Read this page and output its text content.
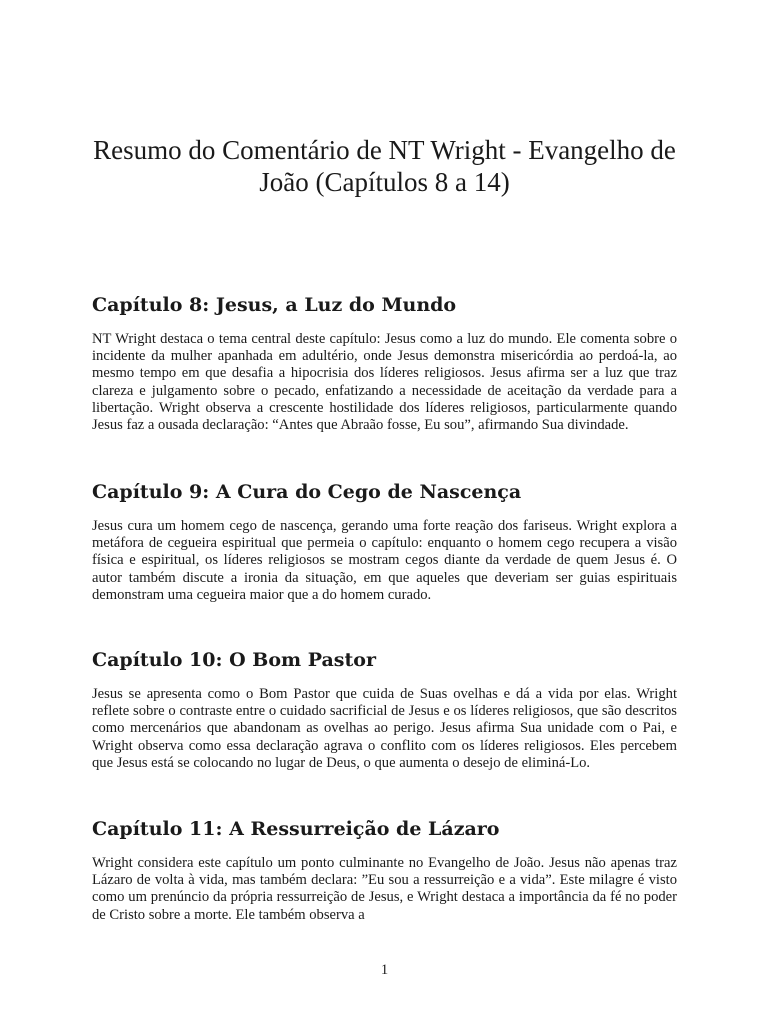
Resumo do Comentário de NT Wright - Evangelho de João (Capítulos 8 a 14)
Capítulo 8: Jesus, a Luz do Mundo

NT Wright destaca o tema central deste capítulo: Jesus como a luz do mundo. Ele comenta sobre o incidente da mulher apanhada em adultério, onde Jesus demonstra misericórdia ao perdoá-la, ao mesmo tempo em que desafia a hipocrisia dos líderes religiosos. Jesus afirma ser a luz que traz clareza e julgamento sobre o pecado, enfatizando a necessidade de aceitação da verdade para a libertação. Wright observa a crescente hostilidade dos líderes religiosos, particularmente quando Jesus faz a ousada declaração: “Antes que Abraão fosse, Eu sou”, afirmando Sua divindade.

Capítulo 9: A Cura do Cego de Nascença

Jesus cura um homem cego de nascença, gerando uma forte reação dos fariseus. Wright explora a metáfora de cegueira espiritual que permeia o capítulo: enquanto o homem cego recupera a visão física e espiritual, os líderes religiosos se mostram cegos diante da verdade de quem Jesus é. O autor também discute a ironia da situação, em que aqueles que deveriam ser guias espirituais demonstram uma cegueira maior que a do homem curado.

Capítulo 10: O Bom Pastor

Jesus se apresenta como o Bom Pastor que cuida de Suas ovelhas e dá a vida por elas. Wright reflete sobre o contraste entre o cuidado sacrificial de Jesus e os líderes religiosos, que são descritos como mercenários que abandonam as ovelhas ao perigo. Jesus afirma Sua unidade com o Pai, e Wright observa como essa declaração agrava o conflito com os líderes religiosos. Eles percebem que Jesus está se colocando no lugar de Deus, o que aumenta o desejo de eliminá-Lo.

Capítulo 11: A Ressurreição de Lázaro

Wright considera este capítulo um ponto culminante no Evangelho de João. Jesus não apenas traz Lázaro de volta à vida, mas também declara: ”Eu sou a ressurreição e a vida”. Este milagre é visto como um prenúncio da própria ressurreição de Jesus, e Wright destaca a importância da fé no poder de Cristo sobre a morte. Ele também observa a

1
